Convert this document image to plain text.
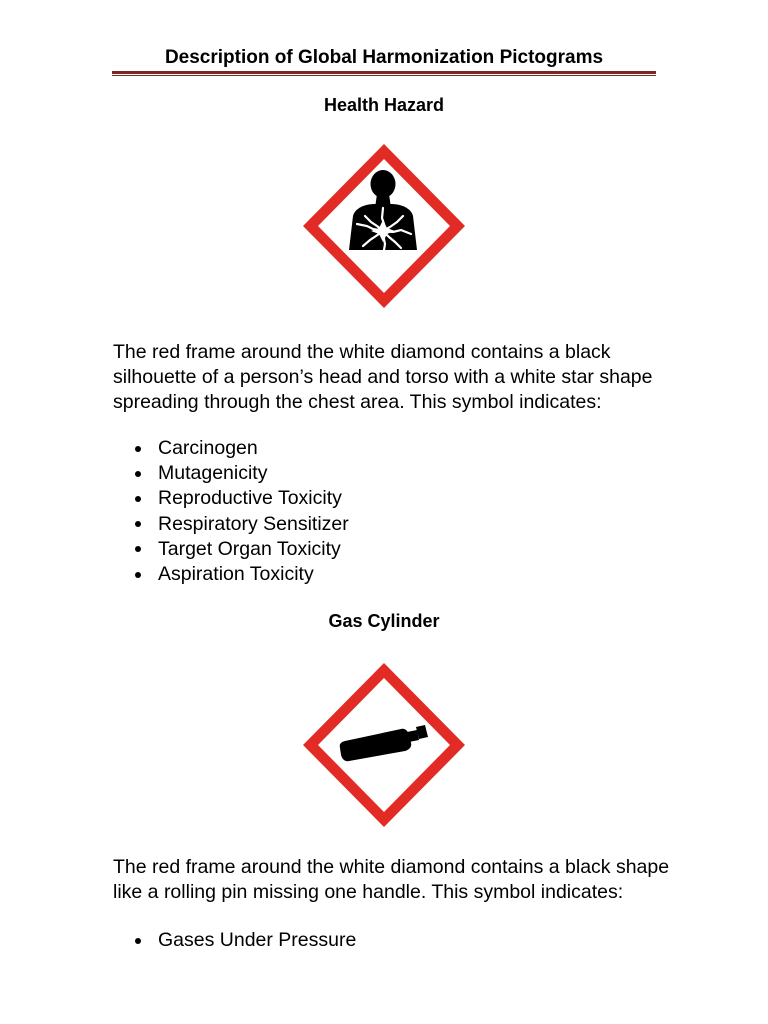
Description of Global Harmonization Pictograms
Health Hazard

The red frame around the white diamond contains a black silhouette of a person’s head and torso with a white star shape spreading through the chest area. This symbol indicates:

Carcinogen
Mutagenicity
Reproductive Toxicity
Respiratory Sensitizer
Target Organ Toxicity
Aspiration Toxicity
Gas Cylinder

The red frame around the white diamond contains a black shape like a rolling pin missing one handle. This symbol indicates:

Gases Under Pressure
